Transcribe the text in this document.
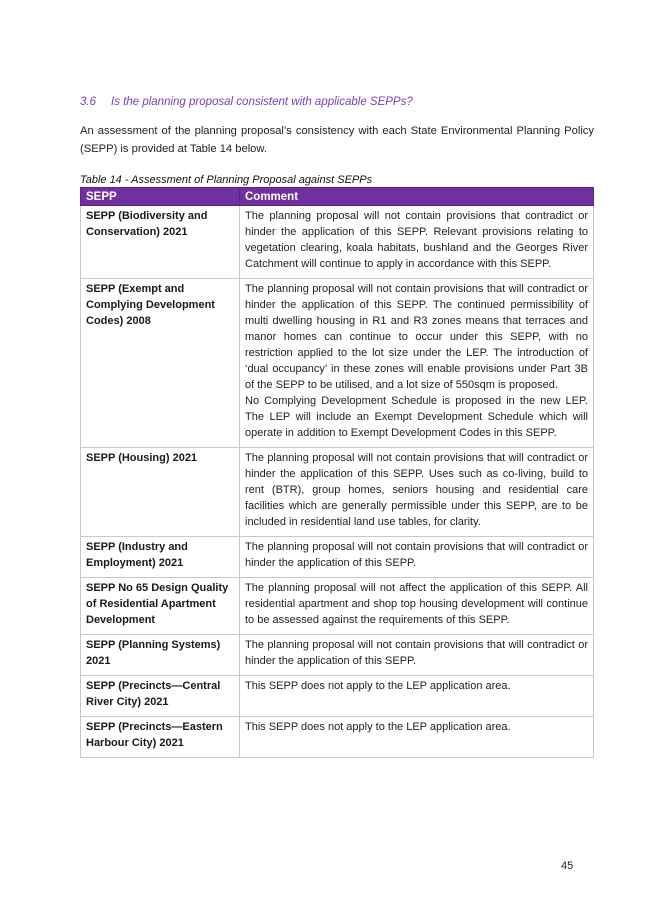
3.6 Is the planning proposal consistent with applicable SEPPs?
An assessment of the planning proposal’s consistency with each State Environmental Planning Policy (SEPP) is provided at Table 14 below.
Table 14 - Assessment of Planning Proposal against SEPPs
SEPP	Comment
SEPP (Biodiversity and Conservation) 2021	The planning proposal will not contain provisions that contradict or hinder the application of this SEPP. Relevant provisions relating to vegetation clearing, koala habitats, bushland and the Georges River Catchment will continue to apply in accordance with this SEPP.

SEPP (Exempt and Complying Development Codes) 2008	The planning proposal will not contain provisions that will contradict or hinder the application of this SEPP. The continued permissibility of multi dwelling housing in R1 and R3 zones means that terraces and manor homes can continue to occur under this SEPP, with no restriction applied to the lot size under the LEP. The introduction of ‘dual occupancy’ in these zones will enable provisions under Part 3B of the SEPP to be utilised, and a lot size of 550sqm is proposed.

No Complying Development Schedule is proposed in the new LEP. The LEP will include an Exempt Development Schedule which will operate in addition to Exempt Development Codes in this SEPP.

SEPP (Housing) 2021	The planning proposal will not contain provisions that will contradict or hinder the application of this SEPP. Uses such as co-living, build to rent (BTR), group homes, seniors housing and residential care facilities which are generally permissible under this SEPP, are to be included in residential land use tables, for clarity.

SEPP (Industry and Employment) 2021	The planning proposal will not contain provisions that will contradict or hinder the application of this SEPP.

SEPP No 65 Design Quality of Residential Apartment Development	The planning proposal will not affect the application of this SEPP. All residential apartment and shop top housing development will continue to be assessed against the requirements of this SEPP.

SEPP (Planning Systems) 2021	The planning proposal will not contain provisions that will contradict or hinder the application of this SEPP.

SEPP (Precincts—Central River City) 2021	This SEPP does not apply to the LEP application area.

SEPP (Precincts—Eastern Harbour City) 2021	This SEPP does not apply to the LEP application area.

45
